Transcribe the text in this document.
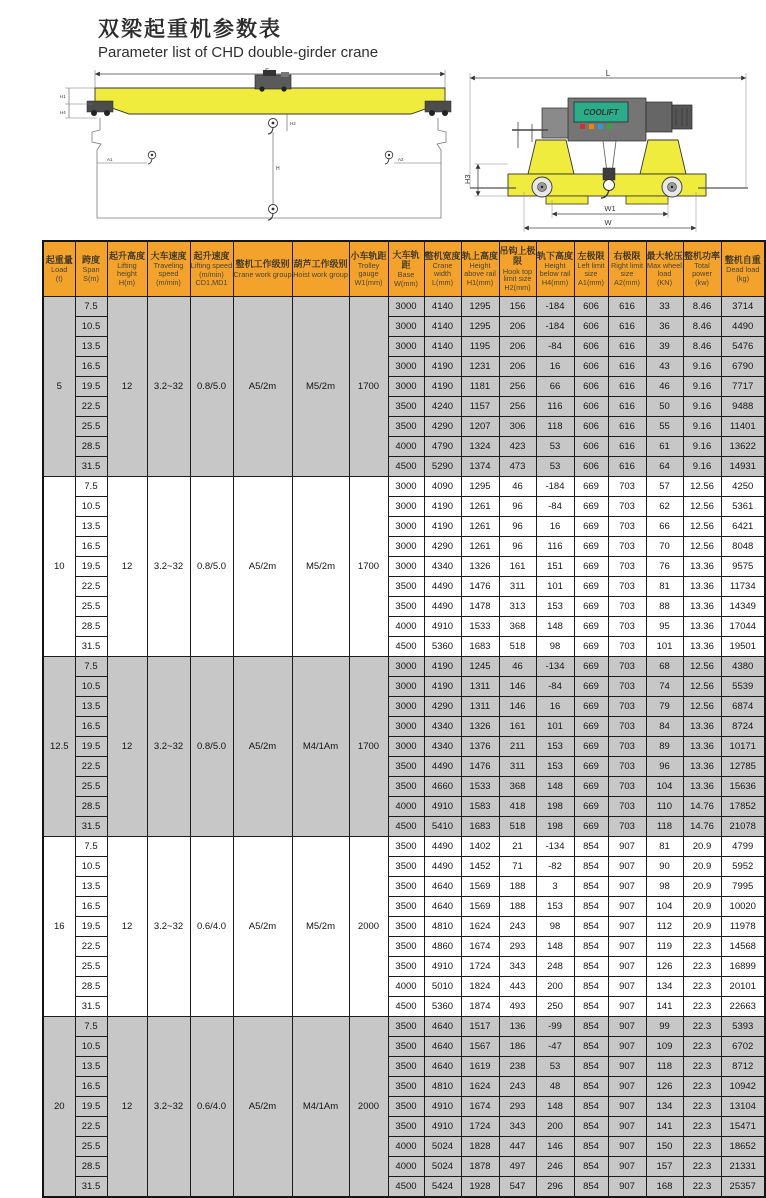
双梁起重机参数表
Parameter list of CHD double-girder crane
H2
H
H1
H4
A1	A2
L
COOLIFT
H3
W1
W
起重量
Load
(t)

跨度
Span
S(m)

起升高度
Lifting height
H(m)

大车速度
Traveling speed
(m/min)

起升速度
Lifting speed
(m/min) CD1,MD1

整机工作级别
Crane work group

葫芦工作级别
Hoist work group

小车轨距
Trolley gauge
W1(mm)

大车轨距
Base
W(mm)

整机宽度
Crane width
L(mm)

轨上高度
Height above rail
H1(mm)

吊钩上极限
Hook top limit size
H2(mm)

轨下高度
Height below rail
H4(mm)

左极限
Left limit size
A1(mm)

右极限
Right limit size
A2(mm)

最大轮压
Max wheel load
(KN)

整机功率
Total power
(kw)

整机自重
Dead load
(kg)

5	7.5	12	3.2~32	0.8/5.0	A5/2m	M5/2m	1700	3000	4140	1295	156	-184	606	616	33	8.46	3714
	10.5							3000	4140	1295	206	-184	606	616	36	8.46	4490
	13.5							3000	4140	1195	206	-84	606	616	39	8.46	5476
	16.5							3000	4190	1231	206	16	606	616	43	9.16	6790
	19.5							3000	4190	1181	256	66	606	616	46	9.16	7717
	22.5							3500	4240	1157	256	116	606	616	50	9.16	9488
	25.5							3500	4290	1207	306	118	606	616	55	9.16	11401
	28.5							4000	4790	1324	423	53	606	616	61	9.16	13622
	31.5							4500	5290	1374	473	53	606	616	64	9.16	14931
10	7.5	12	3.2~32	0.8/5.0	A5/2m	M5/2m	1700	3000	4090	1295	46	-184	669	703	57	12.56	4250
	10.5							3000	4190	1261	96	-84	669	703	62	12.56	5361
	13.5							3000	4190	1261	96	16	669	703	66	12.56	6421
	16.5							3000	4290	1261	96	116	669	703	70	12.56	8048
	19.5							3000	4340	1326	161	151	669	703	76	13.36	9575
	22.5							3500	4490	1476	311	101	669	703	81	13.36	11734
	25.5							3500	4490	1478	313	153	669	703	88	13.36	14349
	28.5							4000	4910	1533	368	148	669	703	95	13.36	17044
	31.5							4500	5360	1683	518	98	669	703	101	13.36	19501
12.5	7.5	12	3.2~32	0.8/5.0	A5/2m	M4/1Am	1700	3000	4190	1245	46	-134	669	703	68	12.56	4380
	10.5							3000	4190	1311	146	-84	669	703	74	12.56	5539
	13.5							3000	4290	1311	146	16	669	703	79	12.56	6874
	16.5							3000	4340	1326	161	101	669	703	84	13.36	8724
	19.5							3000	4340	1376	211	153	669	703	89	13.36	10171
	22.5							3500	4490	1476	311	153	669	703	96	13.36	12785
	25.5							3500	4660	1533	368	148	669	703	104	13.36	15636
	28.5							4000	4910	1583	418	198	669	703	110	14.76	17852
	31.5							4500	5410	1683	518	198	669	703	118	14.76	21078
16	7.5	12	3.2~32	0.6/4.0	A5/2m	M5/2m	2000	3500	4490	1402	21	-134	854	907	81	20.9	4799
	10.5							3500	4490	1452	71	-82	854	907	90	20.9	5952
	13.5							3500	4640	1569	188	3	854	907	98	20.9	7995
	16.5							3500	4640	1569	188	153	854	907	104	20.9	10020
	19.5							3500	4810	1624	243	98	854	907	112	20.9	11978
	22.5							3500	4860	1674	293	148	854	907	119	22.3	14568
	25.5							3500	4910	1724	343	248	854	907	126	22.3	16899
	28.5							4000	5010	1824	443	200	854	907	134	22.3	20101
	31.5							4500	5360	1874	493	250	854	907	141	22.3	22663
20	7.5	12	3.2~32	0.6/4.0	A5/2m	M4/1Am	2000	3500	4640	1517	136	-99	854	907	99	22.3	5393
	10.5							3500	4640	1567	186	-47	854	907	109	22.3	6702
	13.5							3500	4640	1619	238	53	854	907	118	22.3	8712
	16.5							3500	4810	1624	243	48	854	907	126	22.3	10942
	19.5							3500	4910	1674	293	148	854	907	134	22.3	13104
	22.5							3500	4910	1724	343	200	854	907	141	22.3	15471
	25.5							4000	5024	1828	447	146	854	907	150	22.3	18652
	28.5							4000	5024	1878	497	246	854	907	157	22.3	21331
	31.5							4500	5424	1928	547	296	854	907	168	22.3	25357
